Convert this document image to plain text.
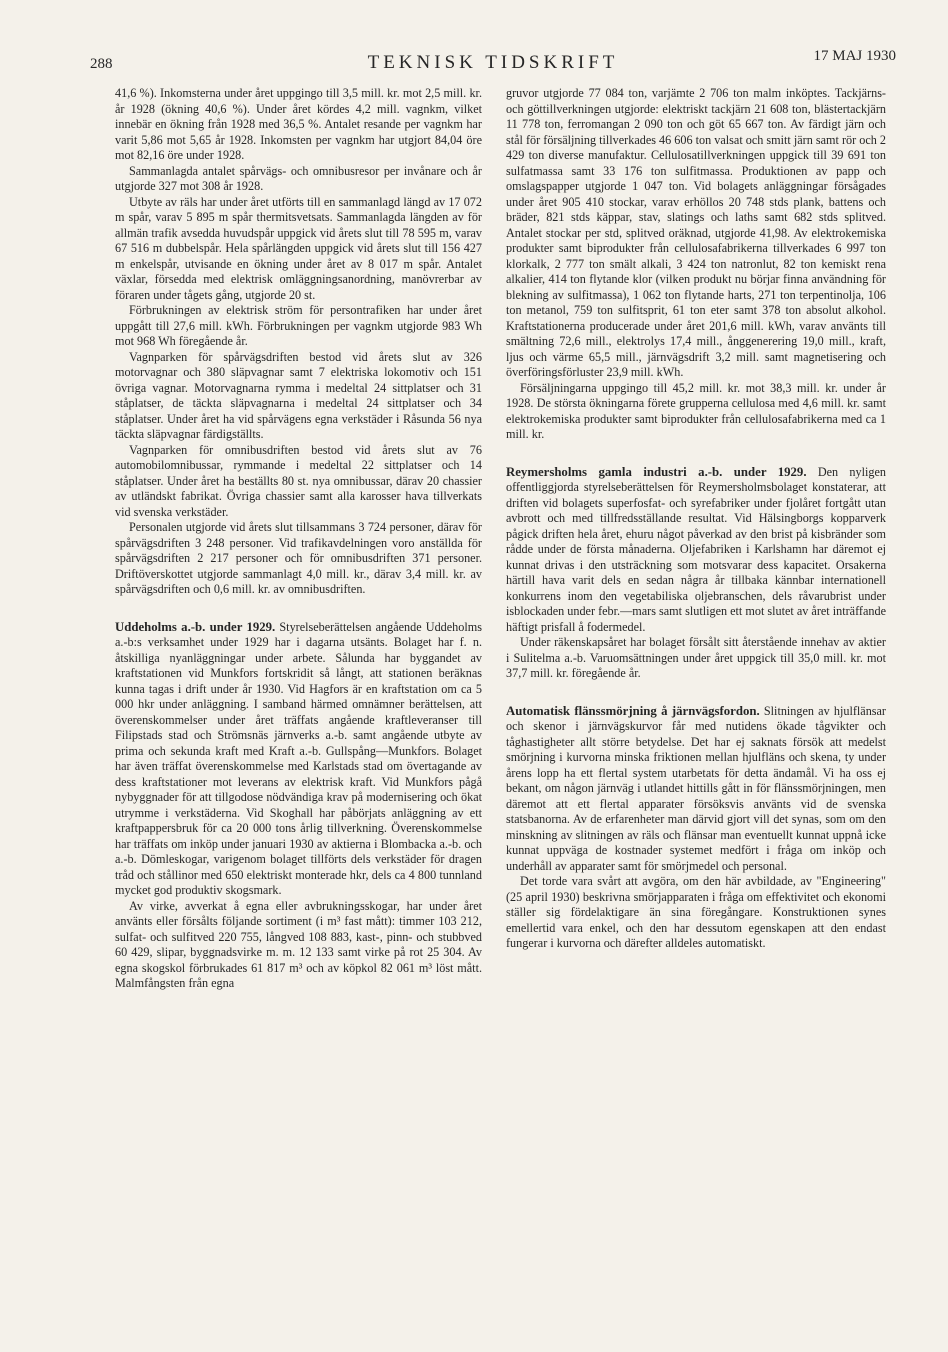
288	TEKNISK TIDSKRIFT	17 MAJ 1930

41,6 %). Inkomsterna under året uppgingo till 3,5 mill. kr. mot 2,5 mill. kr. år 1928 (ökning 40,6 %). Under året kördes 4,2 mill. vagnkm, vilket innebär en ökning från 1928 med 36,5 %. Antalet resande per vagnkm har varit 5,86 mot 5,65 år 1928. Inkomsten per vagnkm har utgjort 84,04 öre mot 82,16 öre under 1928.

Sammanlagda antalet spårvägs- och omnibusresor per invånare och år utgjorde 327 mot 308 år 1928.

Utbyte av räls har under året utförts till en sammanlagd längd av 17 072 m spår, varav 5 895 m spår thermitsvetsats. Sammanlagda längden av för allmän trafik avsedda huvudspår uppgick vid årets slut till 78 595 m, varav 67 516 m dubbelspår. Hela spårlängden uppgick vid årets slut till 156 427 m enkelspår, utvisande en ökning under året av 8 017 m spår. Antalet växlar, försedda med elektrisk omläggningsanordning, manövrerbar av föraren under tågets gång, utgjorde 20 st.

Förbrukningen av elektrisk ström för persontrafiken har under året uppgått till 27,6 mill. kWh. Förbrukningen per vagnkm utgjorde 983 Wh mot 968 Wh föregående år.

Vagnparken för spårvägsdriften bestod vid årets slut av 326 motorvagnar och 380 släpvagnar samt 7 elektriska lokomotiv och 151 övriga vagnar. Motorvagnarna rymma i medeltal 24 sittplatser och 31 ståplatser, de täckta släpvagnarna i medeltal 24 sittplatser och 34 ståplatser. Under året ha vid spårvägens egna verkstäder i Råsunda 56 nya täckta släpvagnar färdigställts.

Vagnparken för omnibusdriften bestod vid årets slut av 76 automobilomnibussar, rymmande i medeltal 22 sittplatser och 14 ståplatser. Under året ha beställts 80 st. nya omnibussar, därav 20 chassier av utländskt fabrikat. Övriga chassier samt alla karosser hava tillverkats vid svenska verkstäder.

Personalen utgjorde vid årets slut tillsammans 3 724 personer, därav för spårvägsdriften 3 248 personer. Vid trafikavdelningen voro anställda för spårvägsdriften 2 217 personer och för omnibusdriften 371 personer. Driftöverskottet utgjorde sammanlagt 4,0 mill. kr., därav 3,4 mill. kr. av spårvägsdriften och 0,6 mill. kr. av omnibusdriften.

Uddeholms a.-b. under 1929. Styrelseberättelsen angående Uddeholms a.-b:s verksamhet under 1929 har i dagarna utsänts. Bolaget har f. n. åtskilliga nyanläggningar under arbete. Sålunda har byggandet av kraftstationen vid Munkfors fortskridit så långt, att stationen beräknas kunna tagas i drift under år 1930. Vid Hagfors är en kraftstation om ca 5 000 hkr under anläggning. I samband härmed omnämner berättelsen, att överenskommelser under året träffats angående kraftleveranser till Filipstads stad och Strömsnäs järnverks a.-b. samt angående utbyte av prima och sekunda kraft med Kraft a.-b. Gullspång—Munkfors. Bolaget har även träffat överenskommelse med Karlstads stad om övertagande av dess kraftstationer mot leverans av elektrisk kraft. Vid Munkfors pågå nybyggnader för att tillgodose nödvändiga krav på modernisering och ökat utrymme i verkstäderna. Vid Skoghall har påbörjats anläggning av ett kraftpappersbruk för ca 20 000 tons årlig tillverkning. Överenskommelse har träffats om inköp under januari 1930 av aktierna i Blombacka a.-b. och a.-b. Dömleskogar, varigenom bolaget tillförts dels verkstäder för dragen tråd och stållinor med 650 elektriskt monterade hkr, dels ca 4 800 tunnland mycket god produktiv skogsmark.

Av virke, avverkat å egna eller avbrukningsskogar, har under året använts eller försålts följande sortiment (i m³ fast mått): timmer 103 212, sulfat- och sulfitved 220 755, långved 108 883, kast-, pinn- och stubbved 60 429, slipar, byggnadsvirke m. m. 12 133 samt virke på rot 25 304. Av egna skogskol förbrukades 61 817 m³ och av köpkol 82 061 m³ löst mått. Malmfångsten från egna

gruvor utgjorde 77 084 ton, varjämte 2 706 ton malm inköptes. Tackjärns- och göttillverkningen utgjorde: elektriskt tackjärn 21 608 ton, blästertackjärn 11 778 ton, ferromangan 2 090 ton och göt 65 667 ton. Av färdigt järn och stål för försäljning tillverkades 46 606 ton valsat och smitt järn samt rör och 2 429 ton diverse manufaktur. Cellulosatillverkningen uppgick till 39 691 ton sulfatmassa samt 33 176 ton sulfitmassa. Produktionen av papp och omslagspapper utgjorde 1 047 ton. Vid bolagets anläggningar försågades under året 905 410 stockar, varav erhöllos 20 748 stds plank, battens och bräder, 821 stds käppar, stav, slatings och laths samt 682 stds splitved. Antalet stockar per std, splitved oräknad, utgjorde 41,98. Av elektrokemiska produkter samt biprodukter från cellulosafabrikerna tillverkades 6 997 ton klorkalk, 2 777 ton smält alkali, 3 424 ton natronlut, 82 ton kemiskt rena alkalier, 414 ton flytande klor (vilken produkt nu börjar finna användning för blekning av sulfitmassa), 1 062 ton flytande harts, 271 ton terpentinolja, 106 ton metanol, 759 ton sulfitsprit, 61 ton eter samt 378 ton absolut alkohol. Kraftstationerna producerade under året 201,6 mill. kWh, varav använts till smältning 72,6 mill., elektrolys 17,4 mill., ånggenerering 19,0 mill., kraft, ljus och värme 65,5 mill., järnvägsdrift 3,2 mill. samt magnetisering och överföringsförluster 23,9 mill. kWh.

Försäljningarna uppgingo till 45,2 mill. kr. mot 38,3 mill. kr. under år 1928. De största ökningarna förete grupperna cellulosa med 4,6 mill. kr. samt elektrokemiska produkter samt biprodukter från cellulosafabrikerna med ca 1 mill. kr.

Reymersholms gamla industri a.-b. under 1929. Den nyligen offentliggjorda styrelseberättelsen för Reymersholmsbolaget konstaterar, att driften vid bolagets superfosfat- och syrefabriker under fjolåret fortgått utan avbrott och med tillfredsställande resultat. Vid Hälsingborgs kopparverk pågick driften hela året, ehuru något påverkad av den brist på kisbränder som rådde under de första månaderna. Oljefabriken i Karlshamn har däremot ej kunnat drivas i den utsträckning som motsvarar dess kapacitet. Orsakerna härtill hava varit dels en sedan några år tillbaka kännbar internationell konkurrens inom den vegetabiliska oljebranschen, dels råvarubrist under isblockaden under febr.—mars samt slutligen ett mot slutet av året inträffande häftigt prisfall å fodermedel.

Under räkenskapsåret har bolaget försålt sitt återstående innehav av aktier i Sulitelma a.-b. Varuomsättningen under året uppgick till 35,0 mill. kr. mot 37,7 mill. kr. föregående år.

Automatisk flänssmörjning å järnvägsfordon. Slitningen av hjulflänsar och skenor i järnvägskurvor får med nutidens ökade tågvikter och tåghastigheter allt större betydelse. Det har ej saknats försök att medelst smörjning i kurvorna minska friktionen mellan hjulfläns och skena, ty under årens lopp ha ett flertal system utarbetats för detta ändamål. Vi ha oss ej bekant, om någon järnväg i utlandet hittills gått in för flänssmörjningen, men däremot att ett flertal apparater försöksvis använts vid de svenska statsbanorna. Av de erfarenheter man därvid gjort vill det synas, som om den minskning av slitningen av räls och flänsar man eventuellt kunnat uppnå icke kunnat uppväga de kostnader systemet medfört i fråga om inköp och underhåll av apparater samt för smörjmedel och personal.

Det torde vara svårt att avgöra, om den här avbildade, av "Engineering" (25 april 1930) beskrivna smörjapparaten i fråga om effektivitet och ekonomi ställer sig fördelaktigare än sina föregångare. Konstruktionen synes emellertid vara enkel, och den har dessutom egenskapen att den endast fungerar i kurvorna och därefter alldeles automatiskt.
